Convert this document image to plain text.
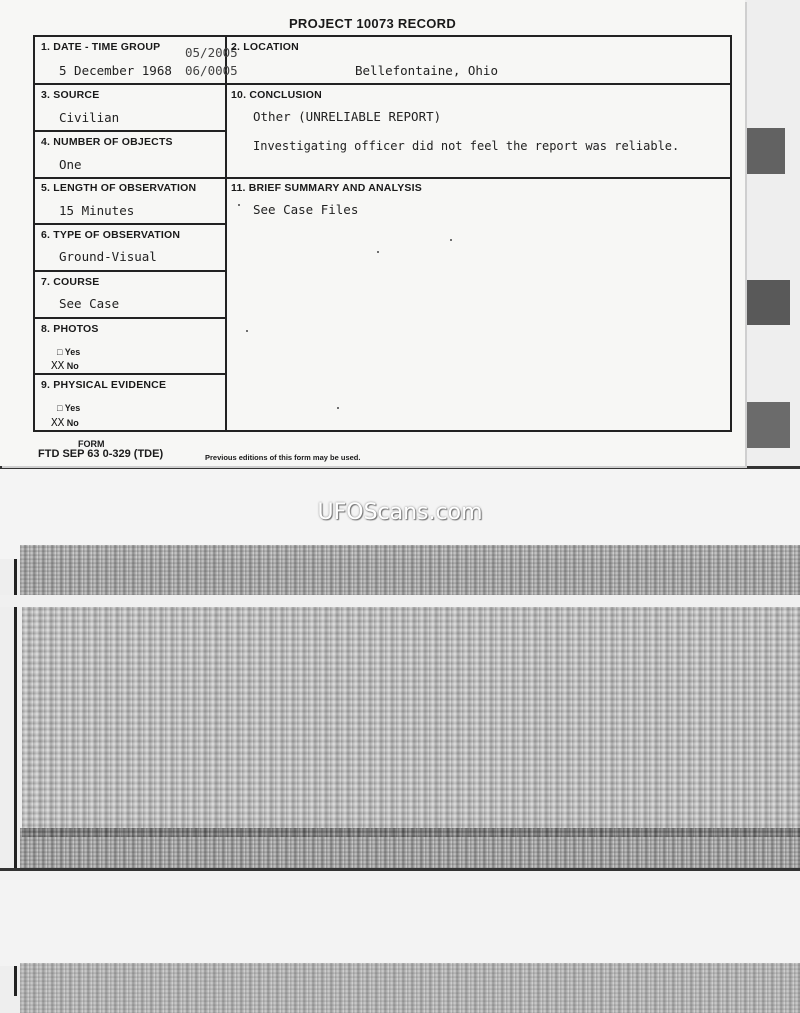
PROJECT 10073 RECORD
1. DATE - TIME GROUP 05/2005
5 December 1968 06/0005
2. LOCATION
Bellefontaine, Ohio
3. SOURCE
Civilian
4. NUMBER OF OBJECTS
One
5. LENGTH OF OBSERVATION
15 Minutes
6. TYPE OF OBSERVATION
Ground-Visual
7. COURSE
See Case
8. PHOTOS
□ Yes
XX No
9. PHYSICAL EVIDENCE
□ Yes
XX No
10. CONCLUSION
Other (UNRELIABLE REPORT)
Investigating officer did not feel the report was reliable.
11. BRIEF SUMMARY AND ANALYSIS
See Case Files
FORM
FTD SEP 63 0-329 (TDE)	Previous editions of this form may be used.
UFOScans.com
